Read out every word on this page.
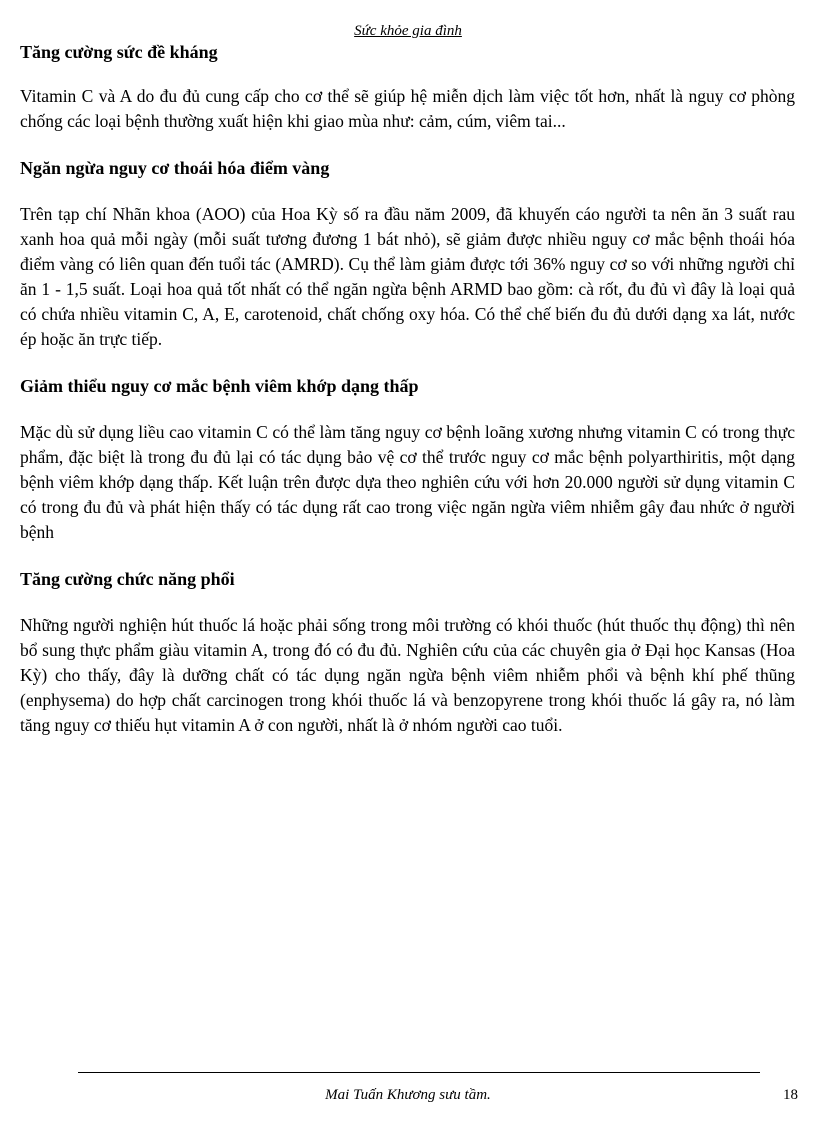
Sức khỏe gia đình
Tăng cường sức đề kháng

Vitamin C và A do đu đủ cung cấp cho cơ thể sẽ giúp hệ miễn dịch làm việc tốt hơn, nhất là nguy cơ phòng chống các loại bệnh thường xuất hiện khi giao mùa như: cảm, cúm, viêm tai...

Ngăn ngừa nguy cơ thoái hóa điểm vàng

Trên tạp chí Nhãn khoa (AOO) của Hoa Kỳ số ra đầu năm 2009, đã khuyến cáo người ta nên ăn 3 suất rau xanh hoa quả mỗi ngày (mỗi suất tương đương 1 bát nhỏ), sẽ giảm được nhiều nguy cơ mắc bệnh thoái hóa điểm vàng có liên quan đến tuổi tác (AMRD). Cụ thể làm giảm được tới 36% nguy cơ so với những người chỉ ăn 1 - 1,5 suất. Loại hoa quả tốt nhất có thể ngăn ngừa bệnh ARMD bao gồm: cà rốt, đu đủ vì đây là loại quả có chứa nhiều vitamin C, A, E, carotenoid, chất chống oxy hóa. Có thể chế biến đu đủ dưới dạng xa lát, nước ép hoặc ăn trực tiếp.

Giảm thiểu nguy cơ mắc bệnh viêm khớp dạng thấp

Mặc dù sử dụng liều cao vitamin C có thể làm tăng nguy cơ bệnh loãng xương nhưng vitamin C có trong thực phẩm, đặc biệt là trong đu đủ lại có tác dụng bảo vệ cơ thể trước nguy cơ mắc bệnh polyarthiritis, một dạng bệnh viêm khớp dạng thấp. Kết luận trên được dựa theo nghiên cứu với hơn 20.000 người sử dụng vitamin C có trong đu đủ và phát hiện thấy có tác dụng rất cao trong việc ngăn ngừa viêm nhiễm gây đau nhức ở người bệnh

Tăng cường chức năng phổi

Những người nghiện hút thuốc lá hoặc phải sống trong môi trường có khói thuốc (hút thuốc thụ động) thì nên bổ sung thực phẩm giàu vitamin A, trong đó có đu đủ. Nghiên cứu của các chuyên gia ở Đại học Kansas (Hoa Kỳ) cho thấy, đây là dưỡng chất có tác dụng ngăn ngừa bệnh viêm nhiễm phổi và bệnh khí phế thũng (enphysema) do hợp chất carcinogen trong khói thuốc lá và benzopyrene trong khói thuốc lá gây ra, nó làm tăng nguy cơ thiếu hụt vitamin A ở con người, nhất là ở nhóm người cao tuổi.

Mai Tuấn Khương sưu tầm.	18
